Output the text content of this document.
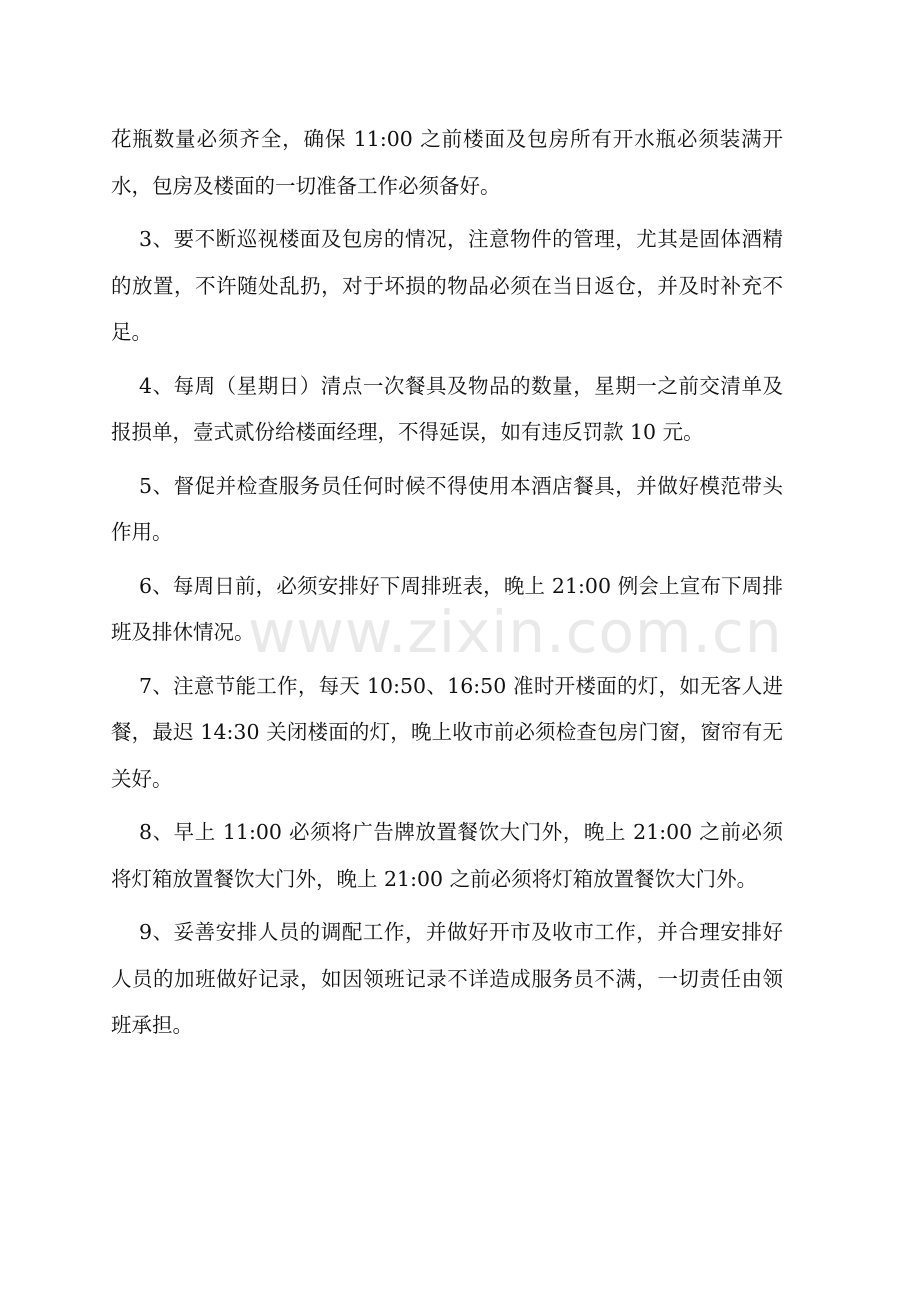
花瓶数量必须齐全，确保 11:00 之前楼面及包房所有开水瓶必须装满开水，包房及楼面的一切准备工作必须备好。

3、要不断巡视楼面及包房的情况，注意物件的管理，尤其是固体酒精的放置，不许随处乱扔，对于坏损的物品必须在当日返仓，并及时补充不足。

4、每周（星期日）清点一次餐具及物品的数量，星期一之前交清单及报损单，壹式贰份给楼面经理，不得延误，如有违反罚款 10 元。

5、督促并检查服务员任何时候不得使用本酒店餐具，并做好模范带头作用。

6、每周日前，必须安排好下周排班表，晚上 21:00 例会上宣布下周排班及排休情况。

7、注意节能工作，每天 10:50、16:50 准时开楼面的灯，如无客人进餐，最迟 14:30 关闭楼面的灯，晚上收市前必须检查包房门窗，窗帘有无关好。

8、早上 11:00 必须将广告牌放置餐饮大门外，晚上 21:00 之前必须将灯箱放置餐饮大门外，晚上 21:00 之前必须将灯箱放置餐饮大门外。

9、妥善安排人员的调配工作，并做好开市及收市工作，并合理安排好人员的加班做好记录，如因领班记录不详造成服务员不满，一切责任由领班承担。

www.zixin.com.cn
